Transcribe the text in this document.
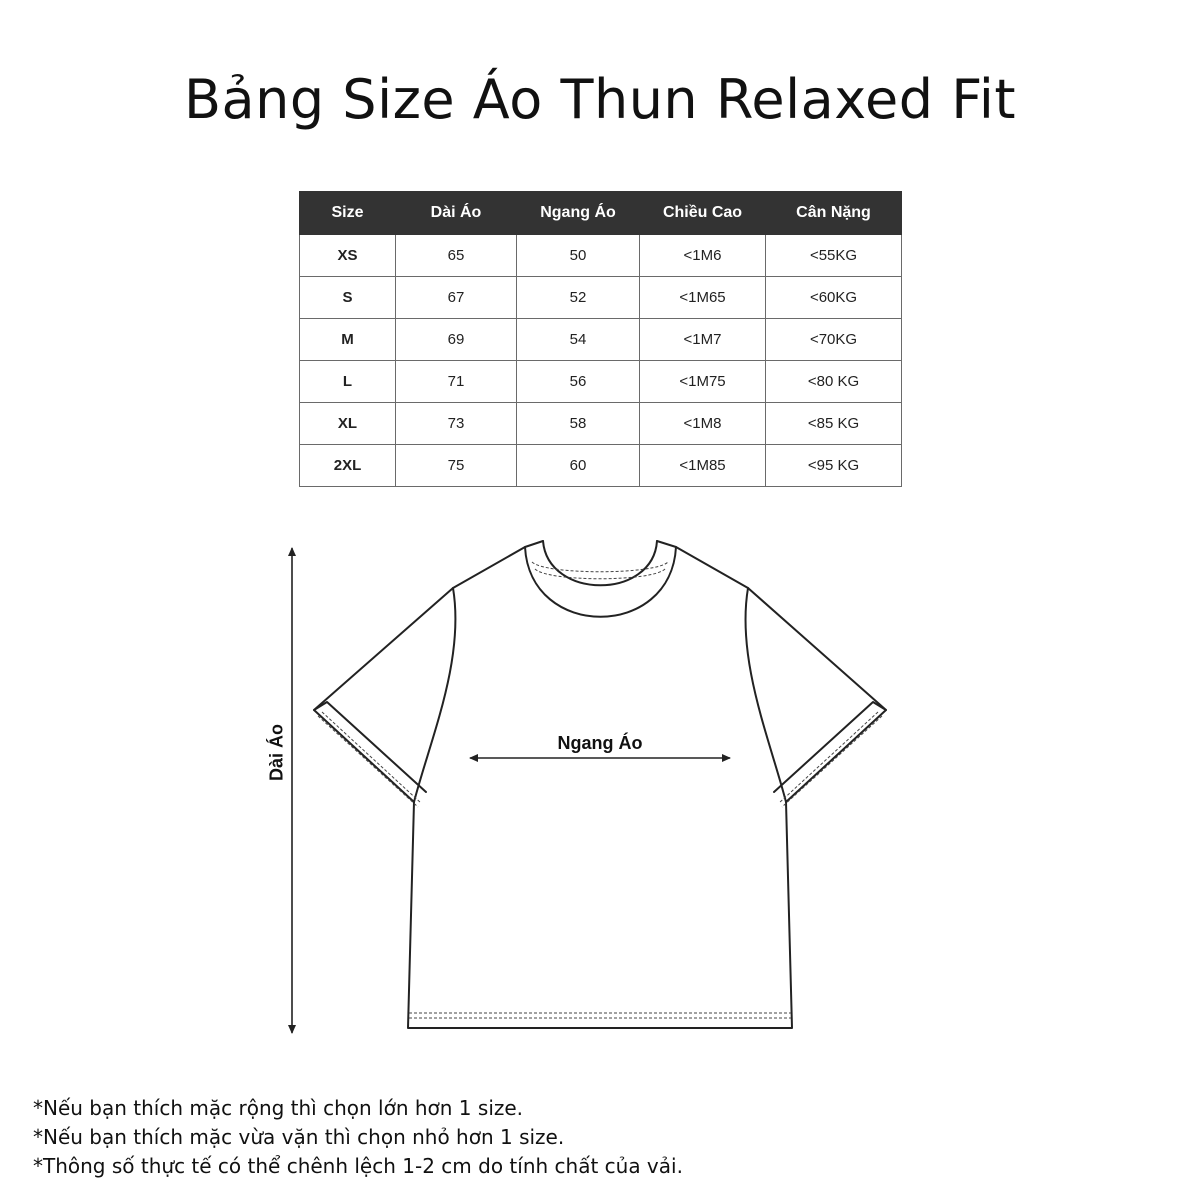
Bảng Size Áo Thun Relaxed Fit
Size	Dài Áo	Ngang Áo	Chiều Cao	Cân Nặng
XS	65	50	<1M6	<55KG
S	67	52	<1M65	<60KG
M	69	54	<1M7	<70KG
L	71	56	<1M75	<80 KG
XL	73	58	<1M8	<85 KG
2XL	75	60	<1M85	<95 KG
Dài Áo	Ngang Áo
*Nếu bạn thích mặc rộng thì chọn lớn hơn 1 size.
*Nếu bạn thích mặc vừa vặn thì chọn nhỏ hơn 1 size.
*Thông số thực tế có thể chênh lệch 1-2 cm do tính chất của vải.
